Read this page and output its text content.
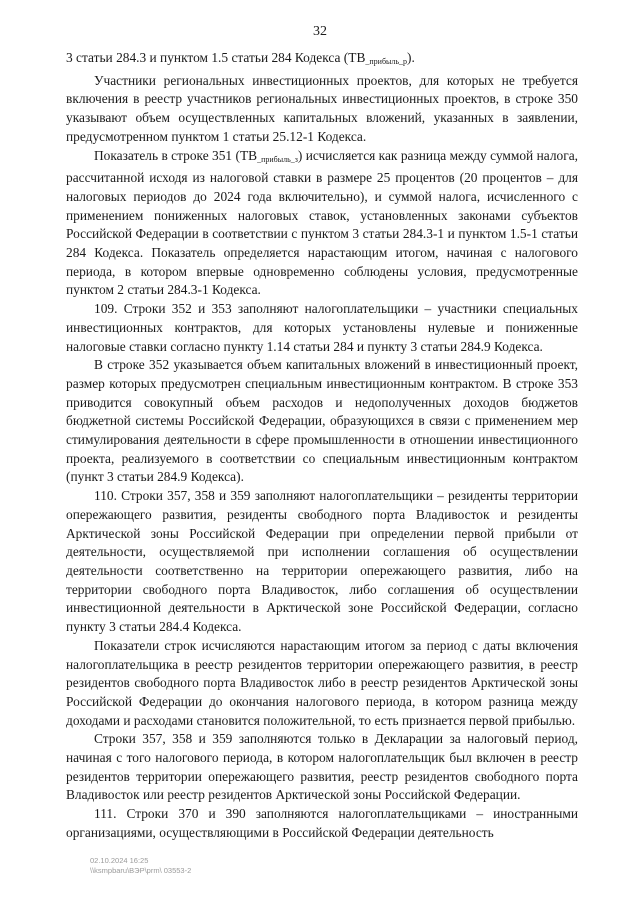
32

3 статьи 284.3 и пунктом 1.5 статьи 284 Кодекса $(ТВ_{\_прибыль\_р})$.

Участники региональных инвестиционных проектов, для которых не требуется включения в реестр участников региональных инвестиционных проектов, в строке 350 указывают объем осуществленных капитальных вложений, указанных в заявлении, предусмотренном пунктом 1 статьи 25.12-1 Кодекса.

Показатель в строке 351 $(ТВ_{\_прибыль\_з})$ исчисляется как разница между суммой налога, рассчитанной исходя из налоговой ставки в размере 25 процентов (20 процентов – для налоговых периодов до 2024 года включительно), и суммой налога, исчисленного с применением пониженных налоговых ставок, установленных законами субъектов Российской Федерации в соответствии с пунктом 3 статьи 284.3-1 и пунктом 1.5-1 статьи 284 Кодекса. Показатель определяется нарастающим итогом, начиная с налогового периода, в котором впервые одновременно соблюдены условия, предусмотренные пунктом 2 статьи 284.3-1 Кодекса.

109. Строки 352 и 353 заполняют налогоплательщики – участники специальных инвестиционных контрактов, для которых установлены нулевые и пониженные налоговые ставки согласно пункту 1.14 статьи 284 и пункту 3 статьи 284.9 Кодекса.

В строке 352 указывается объем капитальных вложений в инвестиционный проект, размер которых предусмотрен специальным инвестиционным контрактом. В строке 353 приводится совокупный объем расходов и недополученных доходов бюджетов бюджетной системы Российской Федерации, образующихся в связи с применением мер стимулирования деятельности в сфере промышленности в отношении инвестиционного проекта, реализуемого в соответствии со специальным инвестиционным контрактом (пункт 3 статьи 284.9 Кодекса).

110. Строки 357, 358 и 359 заполняют налогоплательщики – резиденты территории опережающего развития, резиденты свободного порта Владивосток и резиденты Арктической зоны Российской Федерации при определении первой прибыли от деятельности, осуществляемой при исполнении соглашения об осуществлении деятельности соответственно на территории опережающего развития, либо на территории свободного порта Владивосток, либо соглашения об осуществлении инвестиционной деятельности в Арктической зоне Российской Федерации, согласно пункту 3 статьи 284.4 Кодекса.

Показатели строк исчисляются нарастающим итогом за период с даты включения налогоплательщика в реестр резидентов территории опережающего развития, в реестр резидентов свободного порта Владивосток либо в реестр резидентов Арктической зоны Российской Федерации до окончания налогового периода, в котором разница между доходами и расходами становится положительной, то есть признается первой прибылью.

Строки 357, 358 и 359 заполняются только в Декларации за налоговый период, начиная с того налогового периода, в котором налогоплательщик был включен в реестр резидентов территории опережающего развития, реестр резидентов свободного порта Владивосток или реестр резидентов Арктической зоны Российской Федерации.

111. Строки 370 и 390 заполняются налогоплательщиками – иностранными организациями, осуществляющими в Российской Федерации деятельность

02.10.2024 16:25
\\ksmpbaru\ВЭР\prm\ 03553-2
